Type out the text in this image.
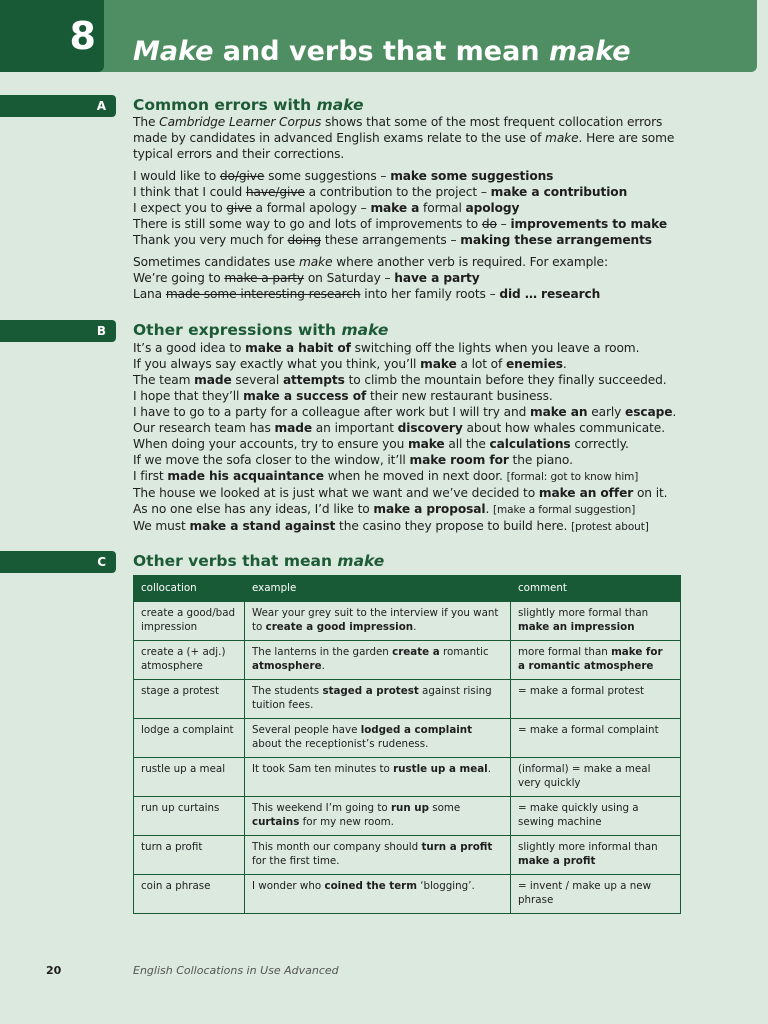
8 Make and verbs that mean make
A Common errors with make
The Cambridge Learner Corpus shows that some of the most frequent collocation errors
made by candidates in advanced English exams relate to the use of make. Here are some
typical errors and their corrections.
I would like to do/give some suggestions – make some suggestions
I think that I could have/give a contribution to the project – make a contribution
I expect you to give a formal apology – make a formal apology
There is still some way to go and lots of improvements to do – improvements to make
Thank you very much for doing these arrangements – making these arrangements
Sometimes candidates use make where another verb is required. For example:
We’re going to make a party on Saturday – have a party
Lana made some interesting research into her family roots – did … research
B Other expressions with make
It’s a good idea to make a habit of switching off the lights when you leave a room.
If you always say exactly what you think, you’ll make a lot of enemies.
The team made several attempts to climb the mountain before they finally succeeded.
I hope that they’ll make a success of their new restaurant business.
I have to go to a party for a colleague after work but I will try and make an early escape.
Our research team has made an important discovery about how whales communicate.
When doing your accounts, try to ensure you make all the calculations correctly.
If we move the sofa closer to the window, it’ll make room for the piano.
I first made his acquaintance when he moved in next door. [formal: got to know him]
The house we looked at is just what we want and we’ve decided to make an offer on it.
As no one else has any ideas, I’d like to make a proposal. [make a formal suggestion]
We must make a stand against the casino they propose to build here. [protest about]
C Other verbs that mean make
collocation	example	comment
create a good/bad impression	Wear your grey suit to the interview if you want to create a good impression.	slightly more formal than make an impression
create a (+ adj.) atmosphere	The lanterns in the garden create a romantic atmosphere.	more formal than make for a romantic atmosphere
stage a protest	The students staged a protest against rising tuition fees.	= make a formal protest
lodge a complaint	Several people have lodged a complaint about the receptionist’s rudeness.	= make a formal complaint
rustle up a meal	It took Sam ten minutes to rustle up a meal.	(informal) = make a meal very quickly
run up curtains	This weekend I’m going to run up some curtains for my new room.	= make quickly using a sewing machine
turn a profit	This month our company should turn a profit for the first time.	slightly more informal than make a profit
coin a phrase	I wonder who coined the term ‘blogging’.	= invent / make up a new phrase
20	English Collocations in Use Advanced
